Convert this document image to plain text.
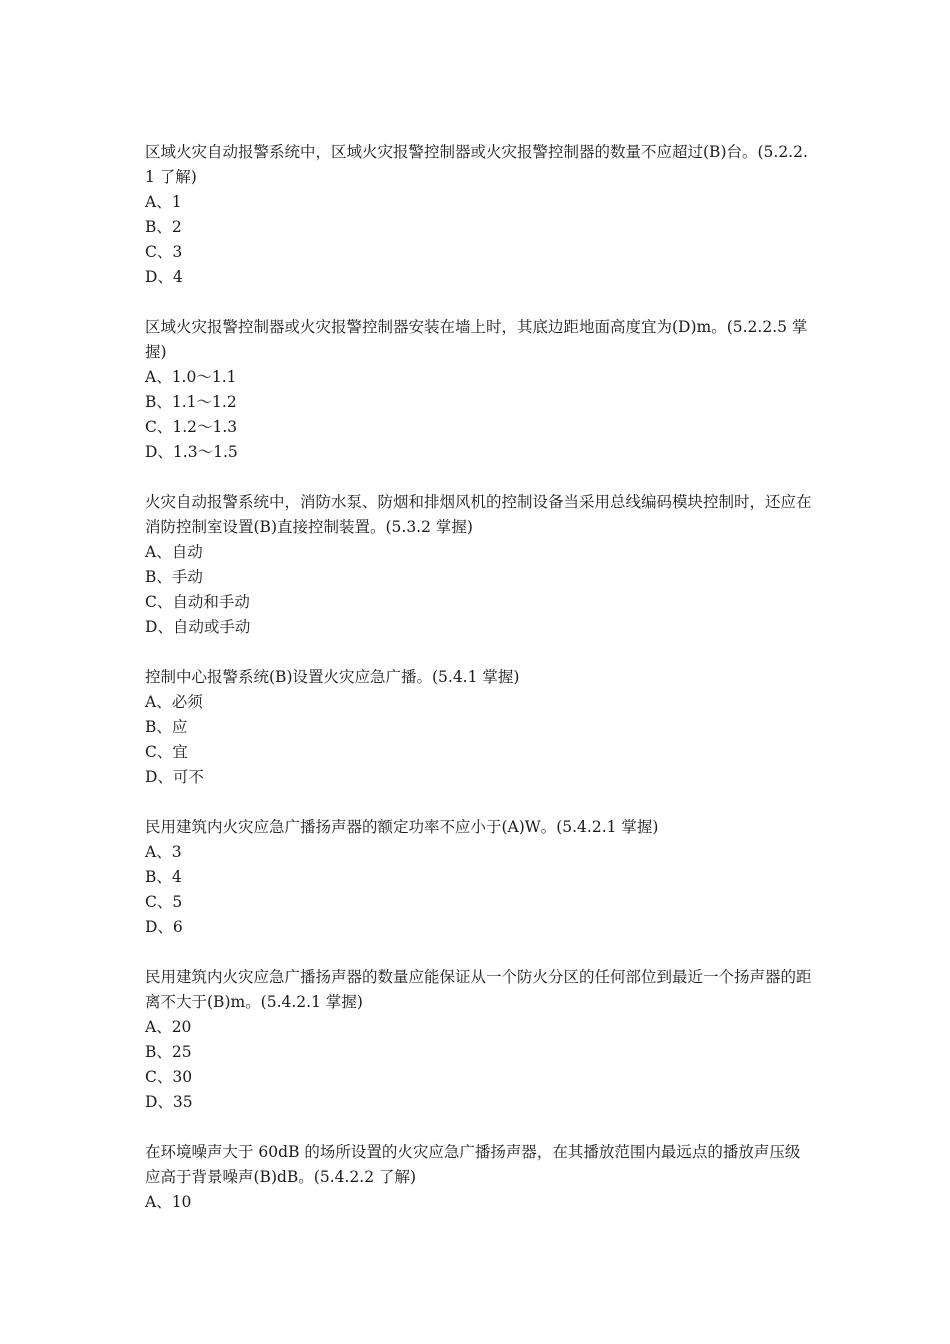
区域火灾自动报警系统中，区域火灾报警控制器或火灾报警控制器的数量不应超过(B)台。(5.2.2.1 了解)

A、1

B、2

C、3

D、4

区域火灾报警控制器或火灾报警控制器安装在墙上时，其底边距地面高度宜为(D)m。(5.2.2.5 掌握)

A、1.0～1.1

B、1.1～1.2

C、1.2～1.3

D、1.3～1.5

火灾自动报警系统中，消防水泵、防烟和排烟风机的控制设备当采用总线编码模块控制时，还应在消防控制室设置(B)直接控制装置。(5.3.2 掌握)

A、自动

B、手动

C、自动和手动

D、自动或手动

控制中心报警系统(B)设置火灾应急广播。(5.4.1 掌握)

A、必须

B、应

C、宜

D、可不

民用建筑内火灾应急广播扬声器的额定功率不应小于(A)W。(5.4.2.1 掌握)

A、3

B、4

C、5

D、6

民用建筑内火灾应急广播扬声器的数量应能保证从一个防火分区的任何部位到最近一个扬声器的距离不大于(B)m。(5.4.2.1 掌握)

A、20

B、25

C、30

D、35

在环境噪声大于 60dB 的场所设置的火灾应急广播扬声器，在其播放范围内最远点的播放声压级应高于背景噪声(B)dB。(5.4.2.2 了解)

A、10
